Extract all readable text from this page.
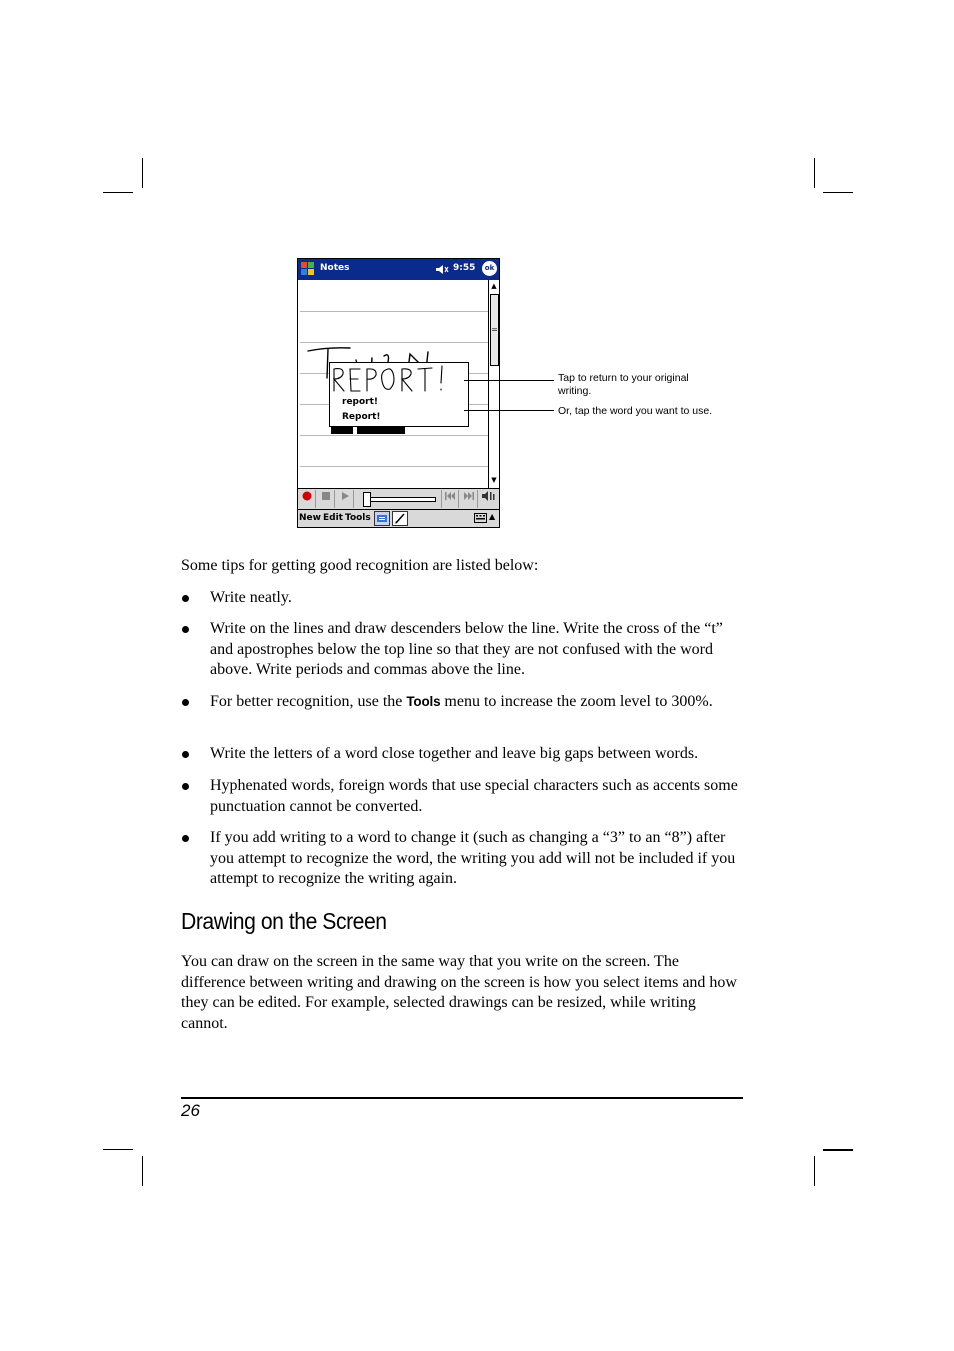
Notes	9:55	ok
report!
Report!
▲
=
▼
New Edit Tools	▲
Tap to return to your original writing.
Or, tap the word you want to use.

Some tips for getting good recognition are listed below:

Write neatly.
Write on the lines and draw descenders below the line. Write the cross of the “t” and apostrophes below the top line so that they are not confused with the word above. Write periods and commas above the line.
For better recognition, use the Tools menu to increase the zoom level to 300%.
Write the letters of a word close together and leave big gaps between words.
Hyphenated words, foreign words that use special characters such as accents some punctuation cannot be converted.
If you add writing to a word to change it (such as changing a “3” to an “8”) after you attempt to recognize the word, the writing you add will not be included if you attempt to recognize the writing again.
Drawing on the Screen

You can draw on the screen in the same way that you write on the screen. The difference between writing and drawing on the screen is how you select items and how they can be edited. For example, selected drawings can be resized, while writing cannot.

26
